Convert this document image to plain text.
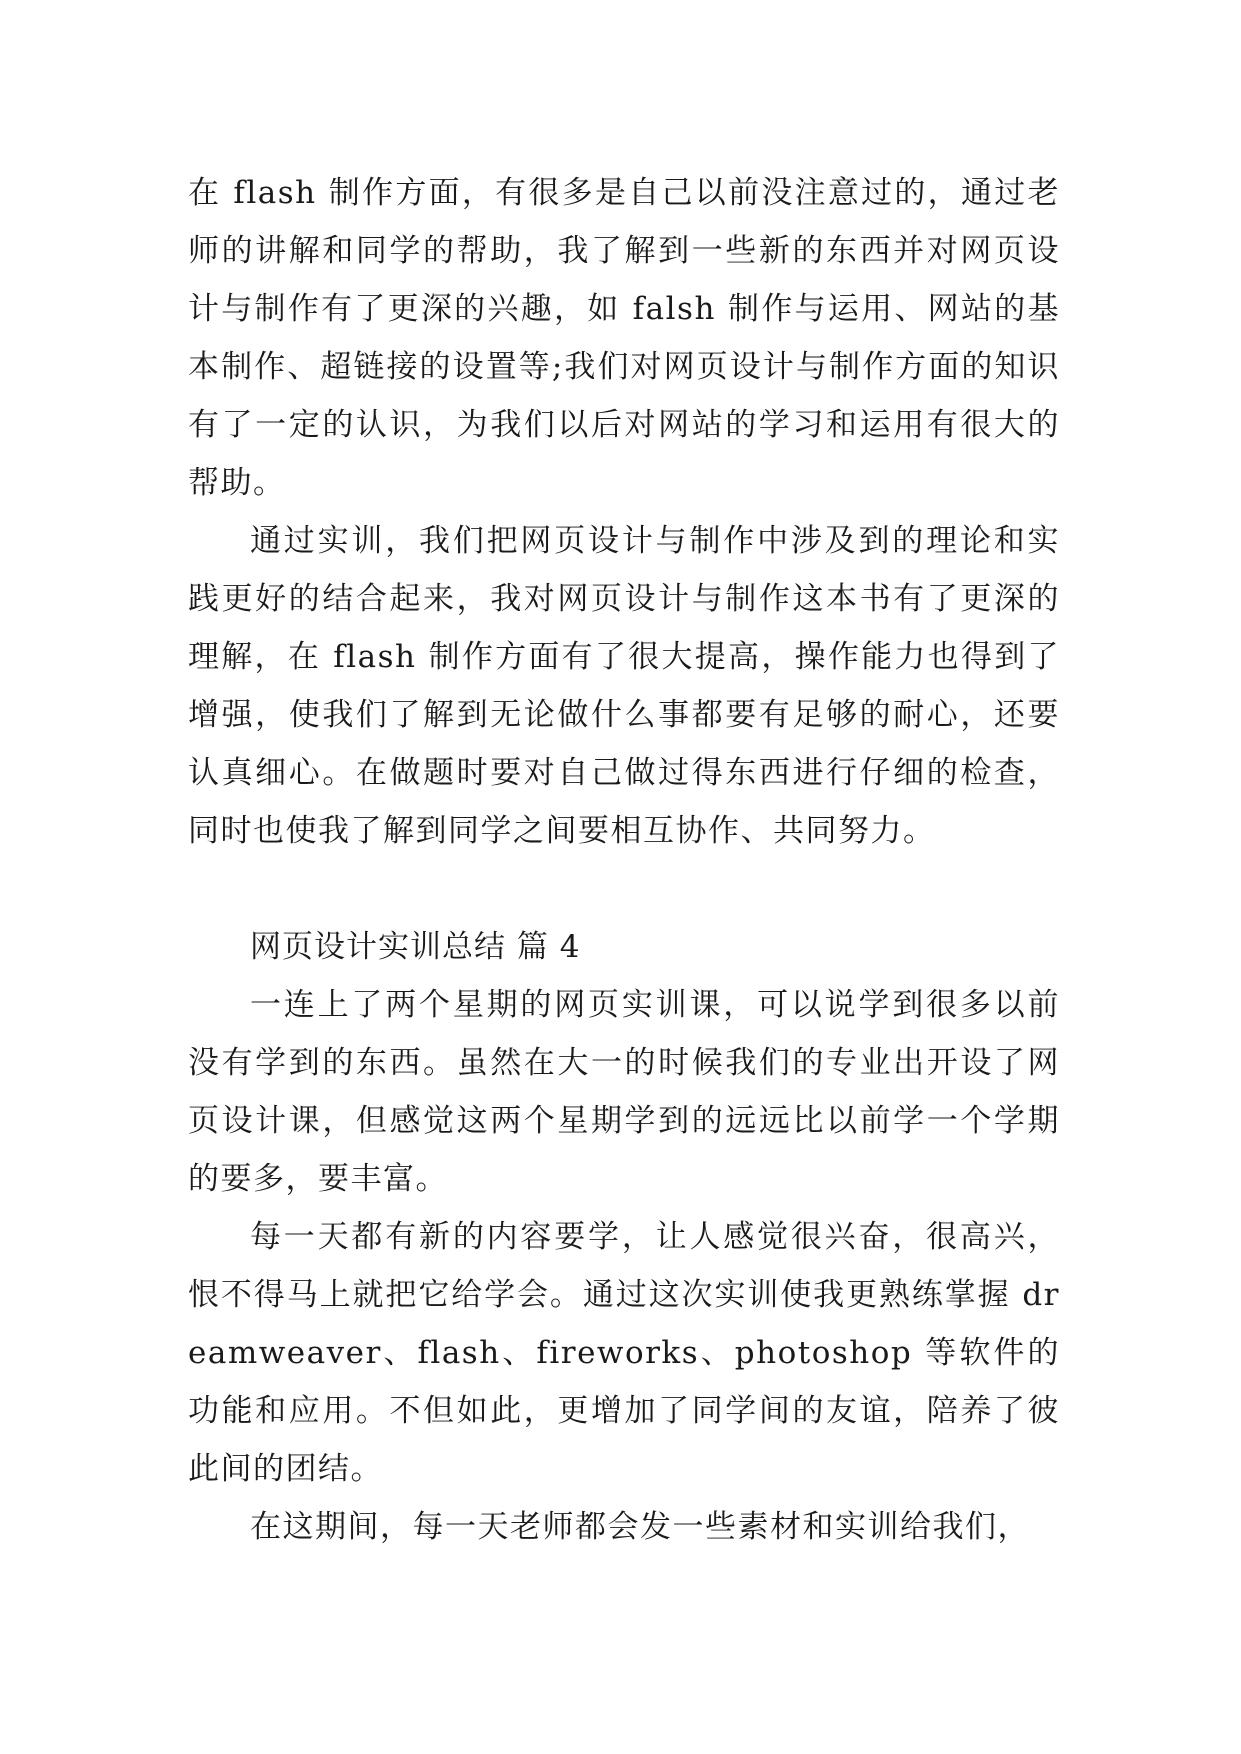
在 flash 制作方面，有很多是自己以前没注意过的，通过老师的讲解和同学的帮助，我了解到一些新的东西并对网页设计与制作有了更深的兴趣，如 falsh 制作与运用、网站的基本制作、超链接的设置等;我们对网页设计与制作方面的知识有了一定的认识，为我们以后对网站的学习和运用有很大的帮助。

通过实训，我们把网页设计与制作中涉及到的理论和实践更好的结合起来，我对网页设计与制作这本书有了更深的理解，在 flash 制作方面有了很大提高，操作能力也得到了增强，使我们了解到无论做什么事都要有足够的耐心，还要认真细心。在做题时要对自己做过得东西进行仔细的检查，同时也使我了解到同学之间要相互协作、共同努力。

网页设计实训总结 篇 4

一连上了两个星期的网页实训课，可以说学到很多以前没有学到的东西。虽然在大一的时候我们的专业出开设了网页设计课，但感觉这两个星期学到的远远比以前学一个学期的要多，要丰富。

每一天都有新的内容要学，让人感觉很兴奋，很高兴，恨不得马上就把它给学会。通过这次实训使我更熟练掌握 dreamweaver、flash、fireworks、photoshop 等软件的功能和应用。不但如此，更增加了同学间的友谊，陪养了彼此间的团结。

在这期间，每一天老师都会发一些素材和实训给我们，
